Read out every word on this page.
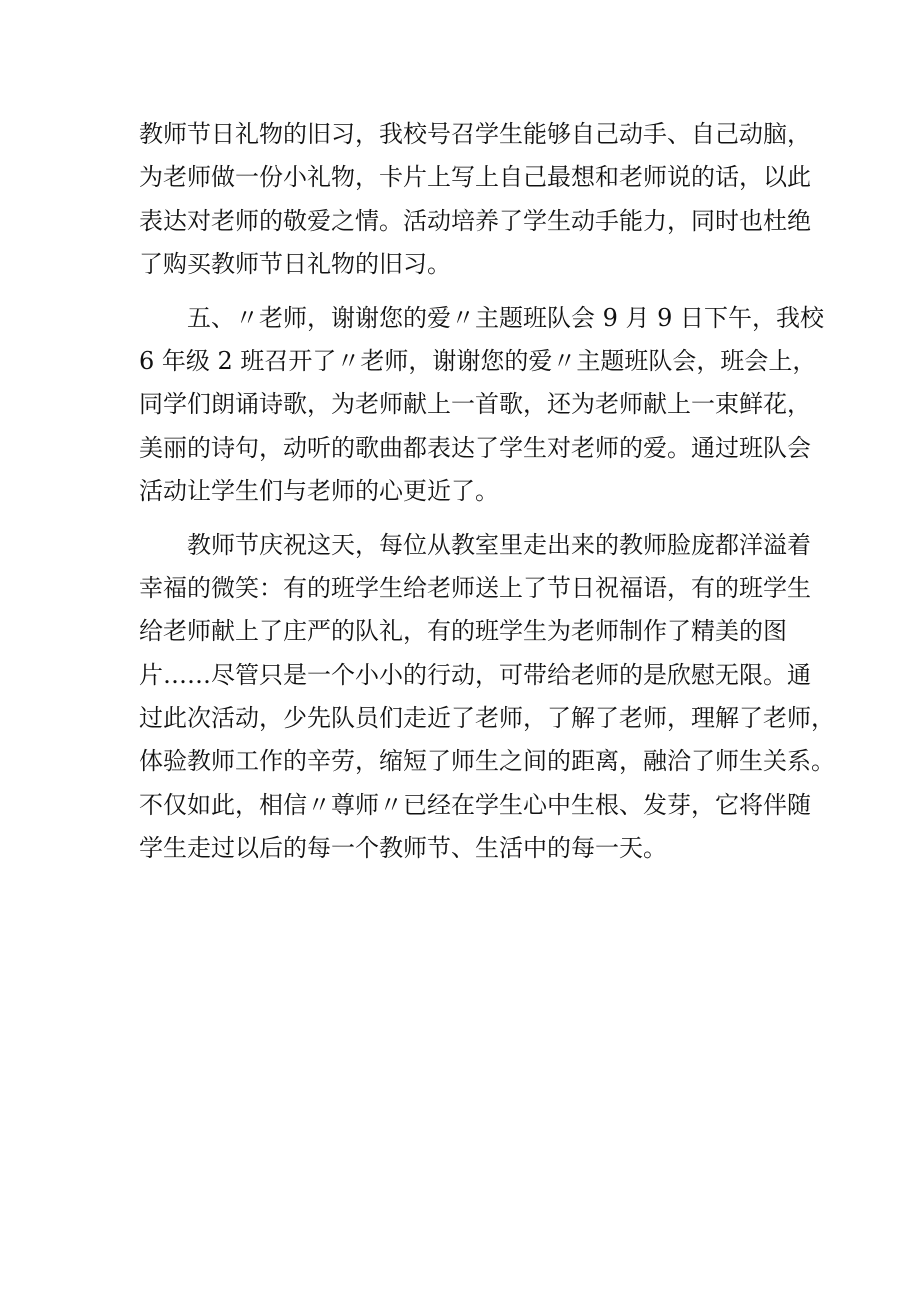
教师节日礼物的旧习，我校号召学生能够自己动手、自己动脑，
为老师做一份小礼物，卡片上写上自己最想和老师说的话，以此
表达对老师的敬爱之情。活动培养了学生动手能力，同时也杜绝
了购买教师节日礼物的旧习。
五、〃老师，谢谢您的爱〃主题班队会 9 月 9 日下午，我校
6 年级 2 班召开了〃老师，谢谢您的爱〃主题班队会，班会上，
同学们朗诵诗歌，为老师献上一首歌，还为老师献上一束鲜花，
美丽的诗句，动听的歌曲都表达了学生对老师的爱。通过班队会
活动让学生们与老师的心更近了。
教师节庆祝这天，每位从教室里走出来的教师脸庞都洋溢着
幸福的微笑：有的班学生给老师送上了节日祝福语，有的班学生
给老师献上了庄严的队礼，有的班学生为老师制作了精美的图
片……尽管只是一个小小的行动，可带给老师的是欣慰无限。通
过此次活动，少先队员们走近了老师，了解了老师，理解了老师，
体验教师工作的辛劳，缩短了师生之间的距离，融洽了师生关系。
不仅如此，相信〃尊师〃已经在学生心中生根、发芽，它将伴随
学生走过以后的每一个教师节、生活中的每一天。
